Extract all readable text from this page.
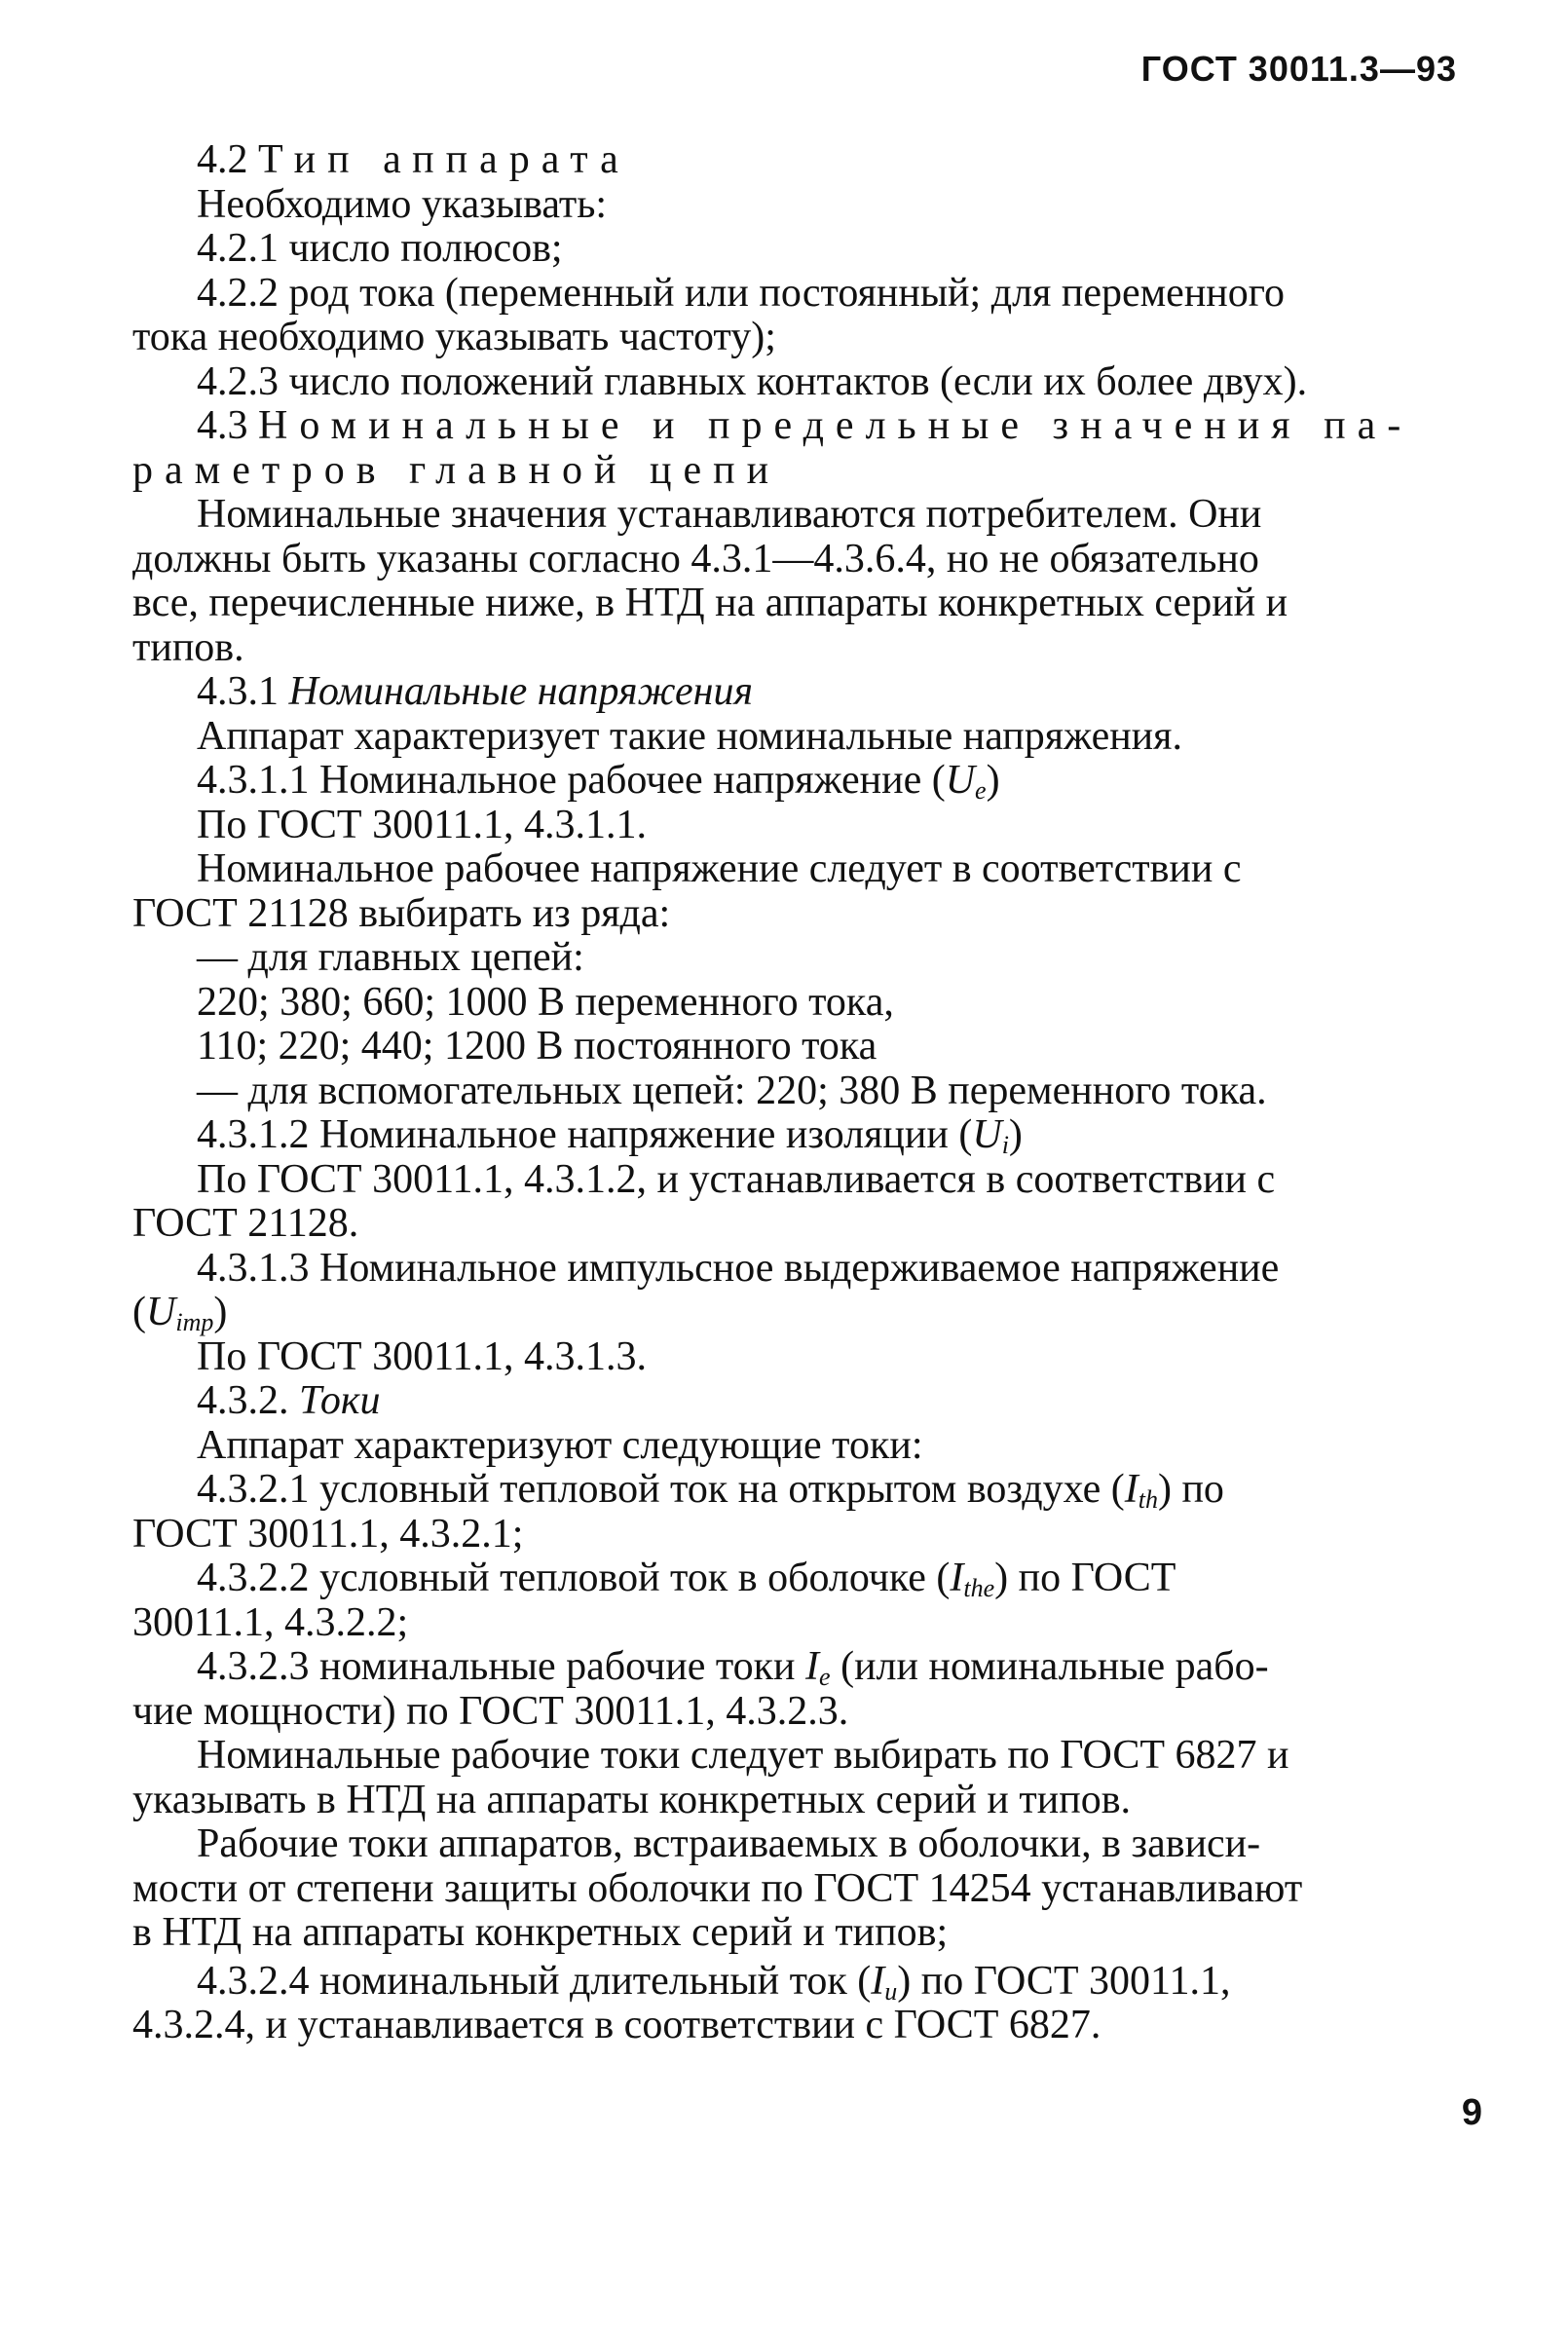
ГОСТ 30011.3—93

4.2 Тип аппарата

Необходимо указывать:

4.2.1 число полюсов;

4.2.2 род тока (переменный или постоянный; для переменного

тока необходимо указывать частоту);

4.2.3 число положений главных контактов (если их более двух).

4.3 Номинальные и предельные значения па-

раметров главной цепи

Номинальные значения устанавливаются потребителем. Они

должны быть указаны согласно 4.3.1—4.3.6.4, но не обязательно

все, перечисленные ниже, в НТД на аппараты конкретных серий и

типов.

4.3.1 Номинальные напряжения

Аппарат характеризует такие номинальные напряжения.

4.3.1.1 Номинальное рабочее напряжение $(U_e)$

По ГОСТ 30011.1, 4.3.1.1.

Номинальное рабочее напряжение следует в соответствии с

ГОСТ 21128 выбирать из ряда:

— для главных цепей:

220; 380; 660; 1000 В переменного тока,

110; 220; 440; 1200 В постоянного тока

— для вспомогательных цепей: 220; 380 В переменного тока.

4.3.1.2 Номинальное напряжение изоляции $(U_i)$

По ГОСТ 30011.1, 4.3.1.2, и устанавливается в соответствии с

ГОСТ 21128.

4.3.1.3 Номинальное импульсное выдерживаемое напряжение

$(U_{imp})$

По ГОСТ 30011.1, 4.3.1.3.

4.3.2. Токи

Аппарат характеризуют следующие токи:

4.3.2.1 условный тепловой ток на открытом воздухе $(I_{th})$ по

ГОСТ 30011.1, 4.3.2.1;

4.3.2.2 условный тепловой ток в оболочке $(I_{the})$ по ГОСТ

30011.1, 4.3.2.2;

4.3.2.3 номинальные рабочие токи $I_e$ (или номинальные рабо-

чие мощности) по ГОСТ 30011.1, 4.3.2.3.

Номинальные рабочие токи следует выбирать по ГОСТ 6827 и

указывать в НТД на аппараты конкретных серий и типов.

Рабочие токи аппаратов, встраиваемых в оболочки, в зависи-

мости от степени защиты оболочки по ГОСТ 14254 устанавливают

в НТД на аппараты конкретных серий и типов;

4.3.2.4 номинальный длительный ток $(I_u)$ по ГОСТ 30011.1,

4.3.2.4, и устанавливается в соответствии с ГОСТ 6827.

9
